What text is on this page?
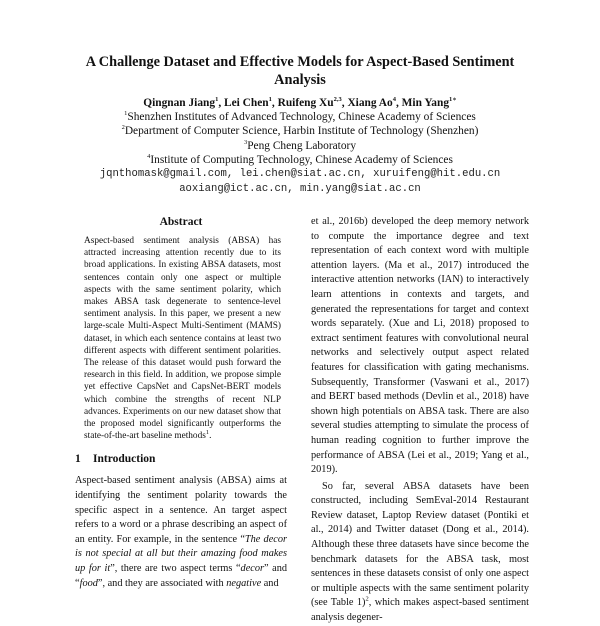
A Challenge Dataset and Effective Models for Aspect-Based Sentiment Analysis
Qingnan Jiang$^1$, Lei Chen$^1$, Ruifeng Xu$^{2,3}$, Xiang Ao$^4$, Min Yang$^{1∗}$
$^1$Shenzhen Institutes of Advanced Technology, Chinese Academy of Sciences
$^2$Department of Computer Science, Harbin Institute of Technology (Shenzhen)
$^3$Peng Cheng Laboratory
$^4$Institute of Computing Technology, Chinese Academy of Sciences
jqnthomask@gmail.com, lei.chen@siat.ac.cn, xuruifeng@hit.edu.cn
aoxiang@ict.ac.cn, min.yang@siat.ac.cn
Abstract

Aspect-based sentiment analysis (ABSA) has attracted increasing attention recently due to its broad applications. In existing ABSA datasets, most sentences contain only one aspect or multiple aspects with the same sentiment polarity, which makes ABSA task degenerate to sentence-level sentiment analysis. In this paper, we present a new large-scale Multi-Aspect Multi-Sentiment (MAMS) dataset, in which each sentence contains at least two different aspects with different sentiment polarities. The release of this dataset would push forward the research in this field. In addition, we propose simple yet effective CapsNet and CapsNet-BERT models which combine the strengths of recent NLP advances. Experiments on our new dataset show that the proposed model significantly outperforms the state-of-the-art baseline methods$^1$.

1 Introduction

Aspect-based sentiment analysis (ABSA) aims at identifying the sentiment polarity towards the specific aspect in a sentence. An target aspect refers to a word or a phrase describing an aspect of an entity. For example, in the sentence “The decor is not special at all but their amazing food makes up for it”, there are two aspect terms “decor” and “food”, and they are associated with negative and

et al., 2016b) developed the deep memory network to compute the importance degree and text representation of each context word with multiple attention layers. (Ma et al., 2017) introduced the interactive attention networks (IAN) to interactively learn attentions in contexts and targets, and generated the representations for target and context words separately. (Xue and Li, 2018) proposed to extract sentiment features with convolutional neural networks and selectively output aspect related features for classification with gating mechanisms. Subsequently, Transformer (Vaswani et al., 2017) and BERT based methods (Devlin et al., 2018) have shown high potentials on ABSA task. There are also several studies attempting to simulate the process of human reading cognition to further improve the performance of ABSA (Lei et al., 2019; Yang et al., 2019).

So far, several ABSA datasets have been constructed, including SemEval-2014 Restaurant Review dataset, Laptop Review dataset (Pontiki et al., 2014) and Twitter dataset (Dong et al., 2014). Although these three datasets have since become the benchmark datasets for the ABSA task, most sentences in these datasets consist of only one aspect or multiple aspects with the same sentiment polarity (see Table 1)$^2$, which makes aspect-based sentiment analysis degener-
